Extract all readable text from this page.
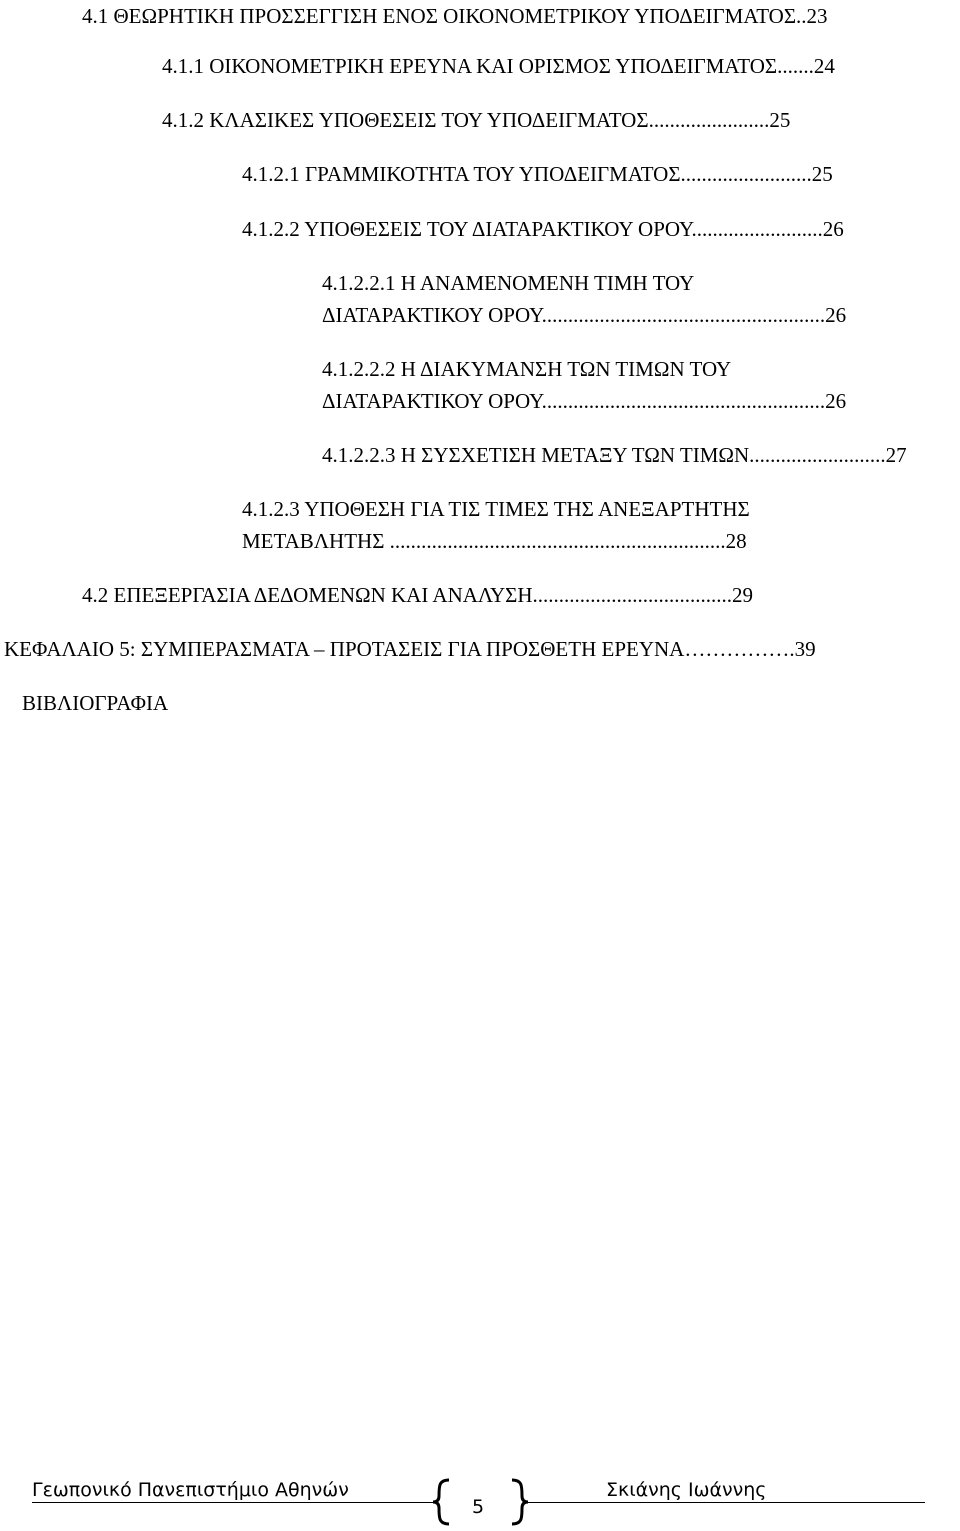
4.1 ΘΕΩΡΗΤΙΚΗ ΠΡΟΣΣΕΓΓΙΣΗ ΕΝΟΣ ΟΙΚΟΝΟΜΕΤΡΙΚΟΥ ΥΠΟΔΕΙΓΜΑΤΟΣ..23
4.1.1 ΟΙΚΟΝΟΜΕΤΡΙΚΗ ΕΡΕΥΝΑ ΚΑΙ ΟΡΙΣΜΟΣ ΥΠΟΔΕΙΓΜΑΤΟΣ.......24
4.1.2 ΚΛΑΣΙΚΕΣ ΥΠΟΘΕΣΕΙΣ ΤΟΥ ΥΠΟΔΕΙΓΜΑΤΟΣ.......................25
4.1.2.1 ΓΡΑΜΜΙΚΟΤΗΤΑ ΤΟΥ ΥΠΟΔΕΙΓΜΑΤΟΣ.........................25
4.1.2.2 ΥΠΟΘΕΣΕΙΣ ΤΟΥ ΔΙΑΤΑΡΑΚΤΙΚΟΥ ΟΡΟΥ.........................26
4.1.2.2.1 Η ΑΝΑΜΕΝΟΜΕΝΗ ΤΙΜΗ ΤΟΥ
ΔΙΑΤΑΡΑΚΤΙΚΟΥ ΟΡΟΥ......................................................26
4.1.2.2.2 Η ΔΙΑΚΥΜΑΝΣΗ ΤΩΝ ΤΙΜΩΝ ΤΟΥ
ΔΙΑΤΑΡΑΚΤΙΚΟΥ ΟΡΟΥ......................................................26
4.1.2.2.3 Η ΣΥΣΧΕΤΙΣΗ ΜΕΤΑΞΥ ΤΩΝ ΤΙΜΩΝ..........................27
4.1.2.3 ΥΠΟΘΕΣΗ ΓΙΑ ΤΙΣ ΤΙΜΕΣ ΤΗΣ ΑΝΕΞΑΡΤΗΤΗΣ
ΜΕΤΑΒΛΗΤΗΣ ................................................................28
4.2 ΕΠΕΞΕΡΓΑΣΙΑ ΔΕΔΟΜΕΝΩΝ ΚΑΙ ΑΝΑΛΥΣΗ......................................29
ΚΕΦΑΛΑΙΟ 5: ΣΥΜΠΕΡΑΣΜΑΤΑ – ΠΡΟΤΑΣΕΙΣ ΓΙΑ ΠΡΟΣΘΕΤΗ ΕΡΕΥΝΑ…………….39
ΒΙΒΛΙΟΓΡΑΦΙΑ
Γεωπονικό Πανεπιστήμιο Αθηνών
5
Σκιάνης Ιωάννης
